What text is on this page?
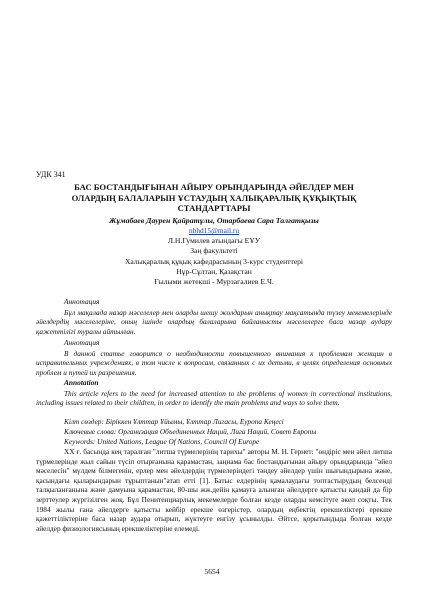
УДК 341
БАС БОСТАНДЫҒЫНАН АЙЫРУ ОРЫНДАРЫНДА ӘЙЕЛДЕР МЕН
ОЛАРДЫҢ БАЛАЛАРЫН ҰСТАУДЫҢ ХАЛЫҚАРАЛЫҚ ҚҰҚЫҚТЫҚ
СТАНДАРТТАРЫ
Жұмабаев Даурен Қайратұлы, Отарбаева Сара Талғатқызы
nbhd15@mail.ru
Л.Н.Гумилев атындағы ЕҰУ
Заң факультеті
Халықаралық құқық кафедрасының 3-курс студенттері
Нұр-Сұлтан, Қазақстан
Ғылыми жетекші - Мурзагалиев Е.Ч.
Аннотация
Бұл мақалада назар мәселелер мен оларды шешу жолдарын анықтау мақсатында түзеу мекемелерінде әйелдердің мәселелеріне, оның ішінде олардың балаларына байланысты мәселелерге баса назар аудару қажеттілігі туралы айтылған.
Аннотация
В данной статье говорится о необходимости повышенного внимания к проблемам женщин в исправительных учреждениях, в том числе к вопросам, связанных с их детьми, в целях определения основных проблем и путей их разрешения.
Annotation
This article refers to the need for increased attention to the problems of women in correctional institutions, including issues related to their children, in order to identify the main problems and ways to solve them.
Кілт сөздер: Біріккен Ұлттар Ұйымы, Ұлттар Лигасы, Еуропа Кеңесі
Ключевые слова: Организация Объединенных Наций, Лига Наций, Совет Европы
Keywords: United Nations, League Of Nations, Council Of Europe
XX ғ. басында кең таралған "литша түрмелерінің тарихы" авторы М. Н. Гернет: "өндіріс мен әйел литша түрмелерінде жыл сайын түсіп отырғанына қарамастан, заңнама бас бостандығынан айыру орындарында "әйел мәселесін" мүлдем білмегенін, ерлер мен әйелдердің түрмелеріндегі тәндеу әйелдер үшін шығындырына және, қасындағы қыларындарын тұрыптанын"атап етті [1]. Батыс елдерінің қамалаудағы топтастырудың белсенді талқыланғанына және дамуына қарамастан, 80-шы жж.дейін қамауға алынған әйелдерге қатысты қандай да бір зерттеулер жүргізілген жоқ. Бұл Пенитенциарлық мекемелерде болған кезде оларды кемсітуге әкеп соқты. Тек 1984 жылы ғана әйелдерге қатысты кейбір ерекше өзгерістер, олардың еңбектің ерекшеліктері ерекше қажеттіліктеріне баса назар аудара отырып, жүктеуге енгізу ұсынылды. Әйтсе, қорытындыда болған кезде әйелдер физиологиясының ерекшеліктеріне елемеді.
5654
